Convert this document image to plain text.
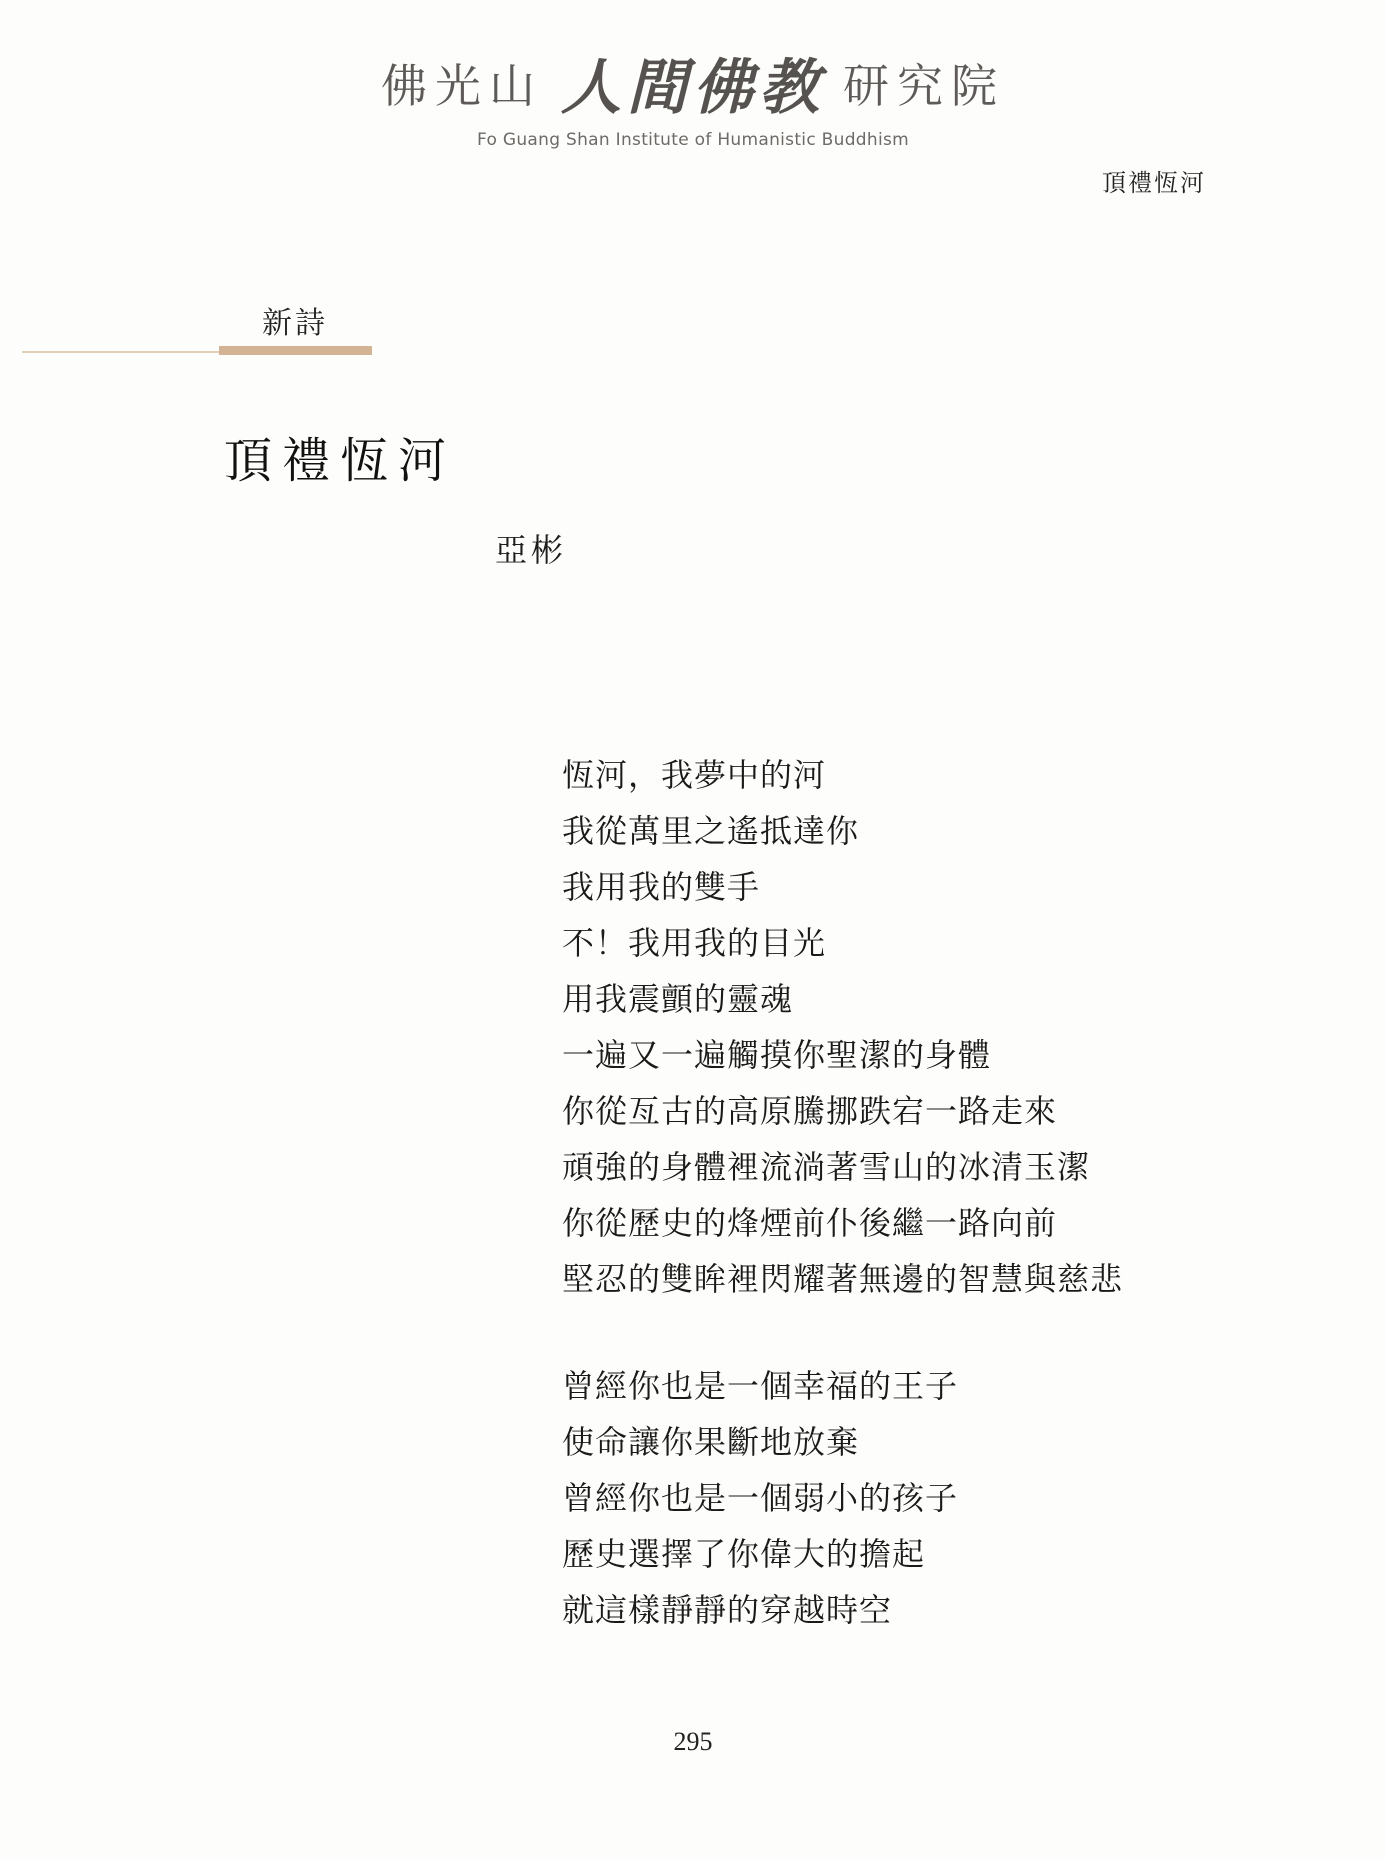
佛光山 人間佛教 研究院
Fo Guang Shan Institute of Humanistic Buddhism
頂禮恆河
新詩
頂禮恆河
亞彬
恆河，我夢中的河
我從萬里之遙抵達你
我用我的雙手
不！我用我的目光
用我震顫的靈魂
一遍又一遍觸摸你聖潔的身體
你從亙古的高原騰挪跌宕一路走來
頑強的身體裡流淌著雪山的冰清玉潔
你從歷史的烽煙前仆後繼一路向前
堅忍的雙眸裡閃耀著無邊的智慧與慈悲
曾經你也是一個幸福的王子
使命讓你果斷地放棄
曾經你也是一個弱小的孩子
歷史選擇了你偉大的擔起
就這樣靜靜的穿越時空
295
